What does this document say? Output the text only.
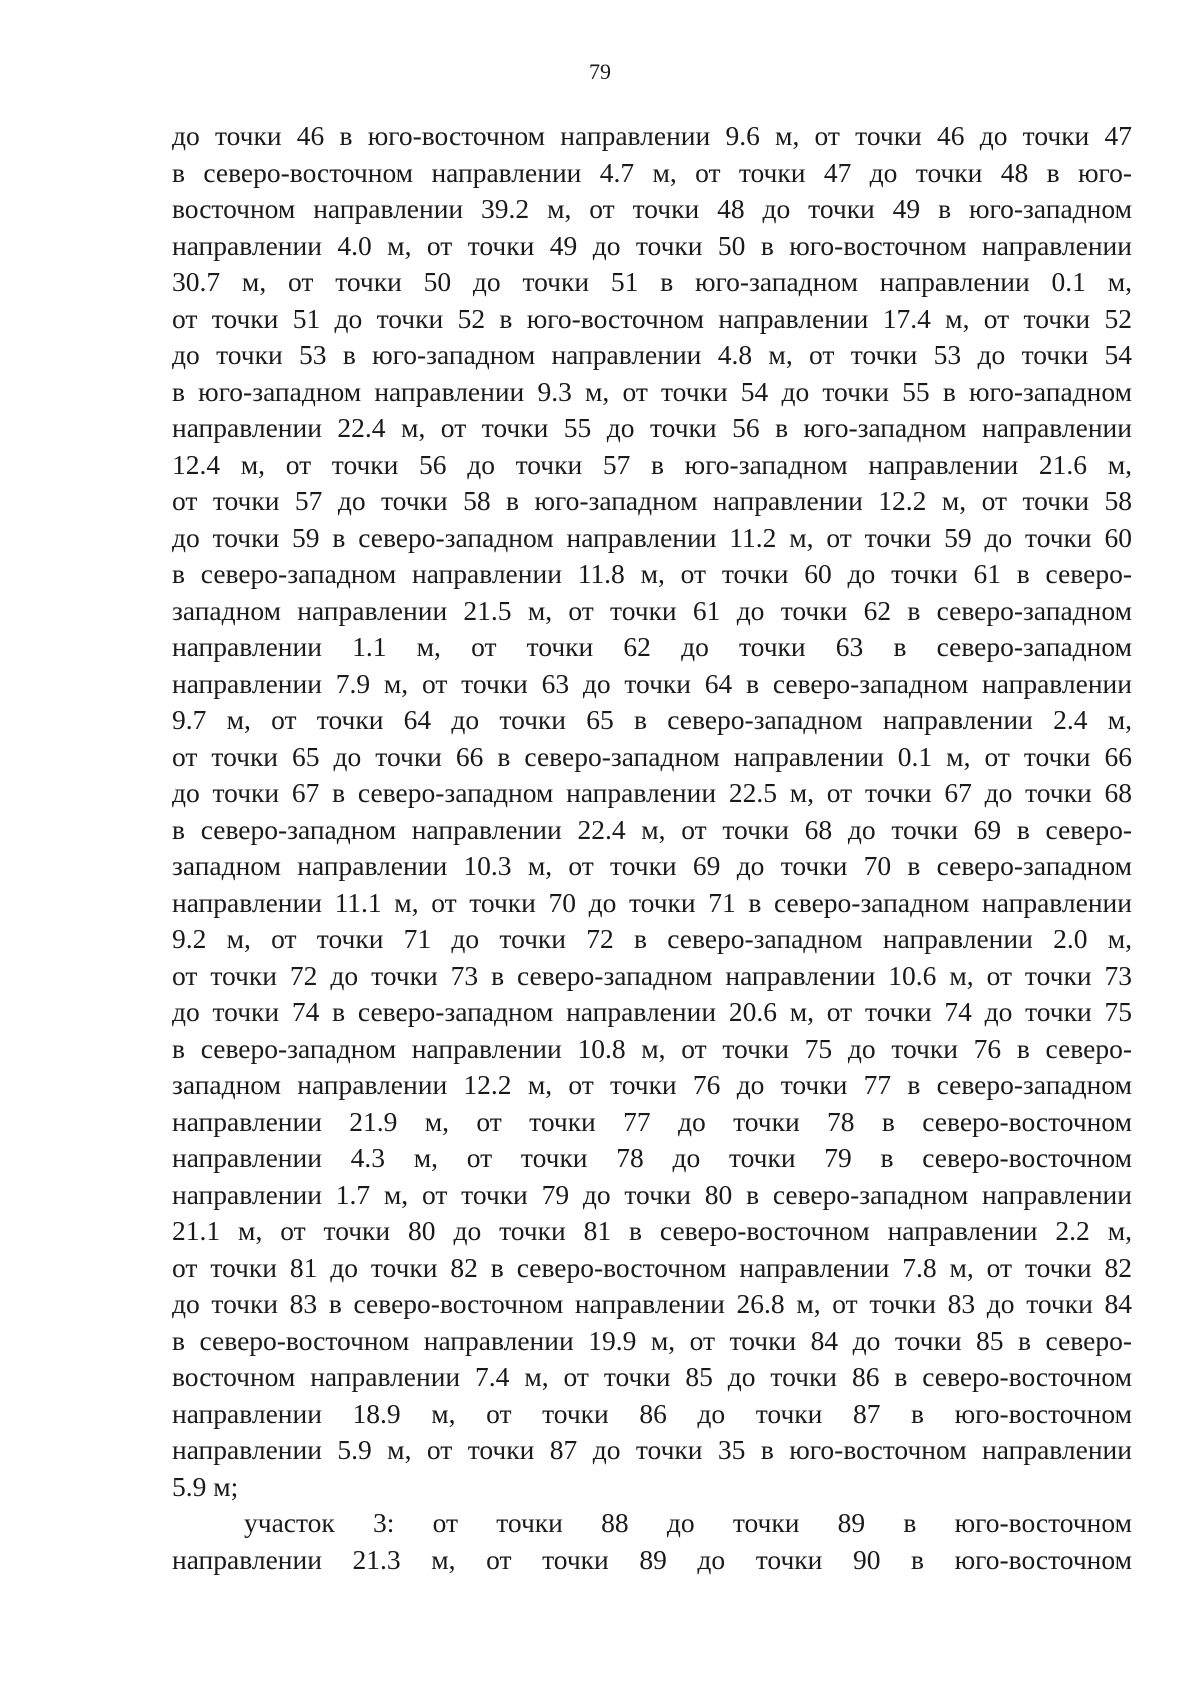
79
до точки 46 в юго-восточном направлении 9.6 м, от точки 46 до точки 47
в северо-восточном направлении 4.7 м, от точки 47 до точки 48 в юго-
восточном направлении 39.2 м, от точки 48 до точки 49 в юго-западном
направлении 4.0 м, от точки 49 до точки 50 в юго-восточном направлении
30.7 м, от точки 50 до точки 51 в юго-западном направлении 0.1 м,
от точки 51 до точки 52 в юго-восточном направлении 17.4 м, от точки 52
до точки 53 в юго-западном направлении 4.8 м, от точки 53 до точки 54
в юго-западном направлении 9.3 м, от точки 54 до точки 55 в юго-западном
направлении 22.4 м, от точки 55 до точки 56 в юго-западном направлении
12.4 м, от точки 56 до точки 57 в юго-западном направлении 21.6 м,
от точки 57 до точки 58 в юго-западном направлении 12.2 м, от точки 58
до точки 59 в северо-западном направлении 11.2 м, от точки 59 до точки 60
в северо-западном направлении 11.8 м, от точки 60 до точки 61 в северо-
западном направлении 21.5 м, от точки 61 до точки 62 в северо-западном
направлении 1.1 м, от точки 62 до точки 63 в северо-западном
направлении 7.9 м, от точки 63 до точки 64 в северо-западном направлении
9.7 м, от точки 64 до точки 65 в северо-западном направлении 2.4 м,
от точки 65 до точки 66 в северо-западном направлении 0.1 м, от точки 66
до точки 67 в северо-западном направлении 22.5 м, от точки 67 до точки 68
в северо-западном направлении 22.4 м, от точки 68 до точки 69 в северо-
западном направлении 10.3 м, от точки 69 до точки 70 в северо-западном
направлении 11.1 м, от точки 70 до точки 71 в северо-западном направлении
9.2 м, от точки 71 до точки 72 в северо-западном направлении 2.0 м,
от точки 72 до точки 73 в северо-западном направлении 10.6 м, от точки 73
до точки 74 в северо-западном направлении 20.6 м, от точки 74 до точки 75
в северо-западном направлении 10.8 м, от точки 75 до точки 76 в северо-
западном направлении 12.2 м, от точки 76 до точки 77 в северо-западном
направлении 21.9 м, от точки 77 до точки 78 в северо-восточном
направлении 4.3 м, от точки 78 до точки 79 в северо-восточном
направлении 1.7 м, от точки 79 до точки 80 в северо-западном направлении
21.1 м, от точки 80 до точки 81 в северо-восточном направлении 2.2 м,
от точки 81 до точки 82 в северо-восточном направлении 7.8 м, от точки 82
до точки 83 в северо-восточном направлении 26.8 м, от точки 83 до точки 84
в северо-восточном направлении 19.9 м, от точки 84 до точки 85 в северо-
восточном направлении 7.4 м, от точки 85 до точки 86 в северо-восточном
направлении 18.9 м, от точки 86 до точки 87 в юго-восточном
направлении 5.9 м, от точки 87 до точки 35 в юго-восточном направлении
5.9 м;
участок 3: от точки 88 до точки 89 в юго-восточном
направлении 21.3 м, от точки 89 до точки 90 в юго-восточном
